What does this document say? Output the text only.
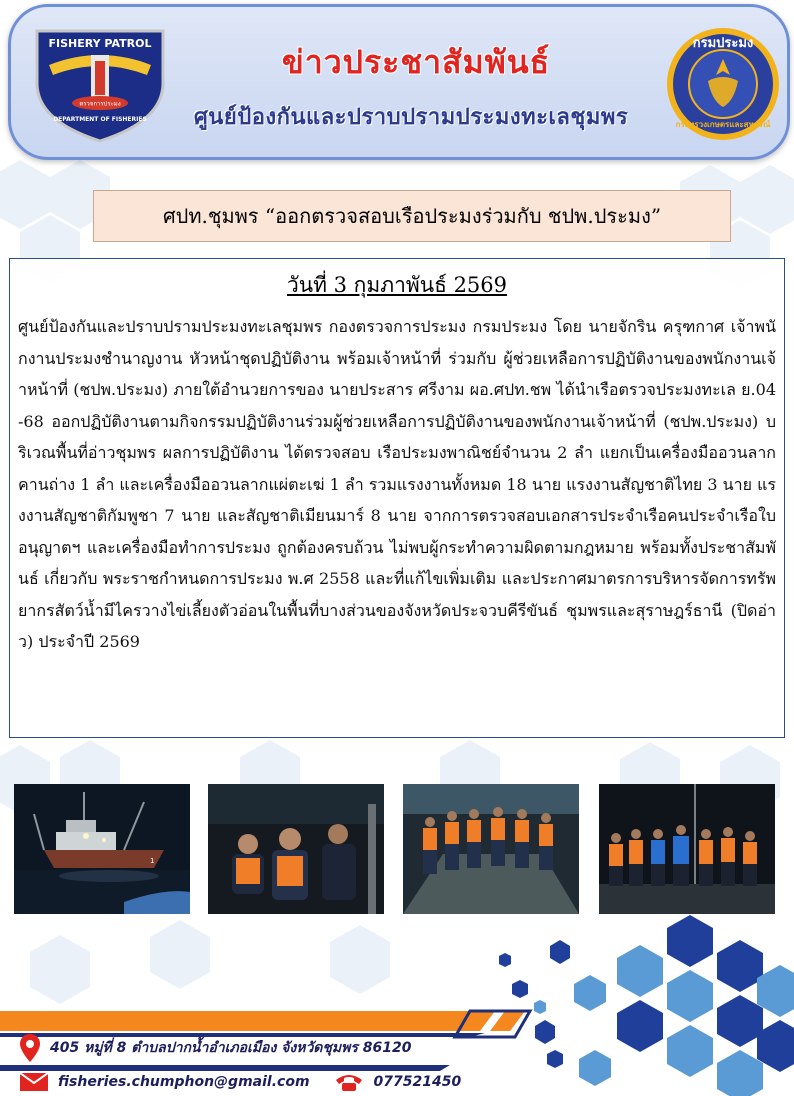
FISHERY PATROL
ตรวจการประมง
DEPARTMENT OF FISHERIES
ข่าวประชาสัมพันธ์
ศูนย์ป้องกันและปราบปรามประมงทะเลชุมพร
กรมประมง
กระทรวงเกษตรและสหกรณ์
ศปท.ชุมพร “ออกตรวจสอบเรือประมงร่วมกับ ชปพ.ประมง”
วันที่ 3 กุมภาพันธ์ 2569
ศูนย์ป้องกันและปราบปรามประมงทะเลชุมพร กองตรวจการประมง กรมประมง โดย นายจักริน ครุฑกาศ เจ้าพนักงานประมงชำนาญงาน หัวหน้าชุดปฏิบัติงาน พร้อมเจ้าหน้าที่ ร่วมกับ ผู้ช่วยเหลือการปฏิบัติงานของพนักงานเจ้าหน้าที่ (ชปพ.ประมง) ภายใต้อำนวยการของ นายประสาร ศรีงาม ผอ.ศปท.ชพ ได้นำเรือตรวจประมงทะเล ย.04-68 ออกปฏิบัติงานตามกิจกรรมปฏิบัติงานร่วมผู้ช่วยเหลือการปฏิบัติงานของพนักงานเจ้าหน้าที่ (ชปพ.ประมง) บริเวณพื้นที่อ่าวชุมพร ผลการปฏิบัติงาน ได้ตรวจสอบ เรือประมงพาณิชย์จำนวน 2 ลำ แยกเป็นเครื่องมืออวนลากคานถ่าง 1 ลำ และเครื่องมืออวนลากแผ่ตะเฆ่ 1 ลำ รวมแรงงานทั้งหมด 18 นาย แรงงานสัญชาติไทย 3 นาย แรงงานสัญชาติกัมพูชา 7 นาย และสัญชาติเมียนมาร์ 8 นาย จากการตรวจสอบเอกสารประจำเรือคนประจำเรือใบอนุญาตฯ และเครื่องมือทำการประมง ถูกต้องครบถ้วน ไม่พบผู้กระทำความผิดตามกฎหมาย พร้อมทั้งประชาสัมพันธ์ เกี่ยวกับ พระราชกำหนดการประมง พ.ศ 2558 และที่แก้ไขเพิ่มเติม และประกาศมาตรการบริหารจัดการทรัพยากรสัตว์น้ำมีไครวางไข่เลี้ยงตัวอ่อนในพื้นที่บางส่วนของจังหวัดประจวบคีรีขันธ์ ชุมพรและสุราษฎร์ธานี (ปิดอ่าว) ประจำปี 2569
1
405 หมู่ที่ 8 ตำบลปากน้ำอำเภอเมือง จังหวัดชุมพร 86120
fisheries.chumphon@gmail.com	077521450
